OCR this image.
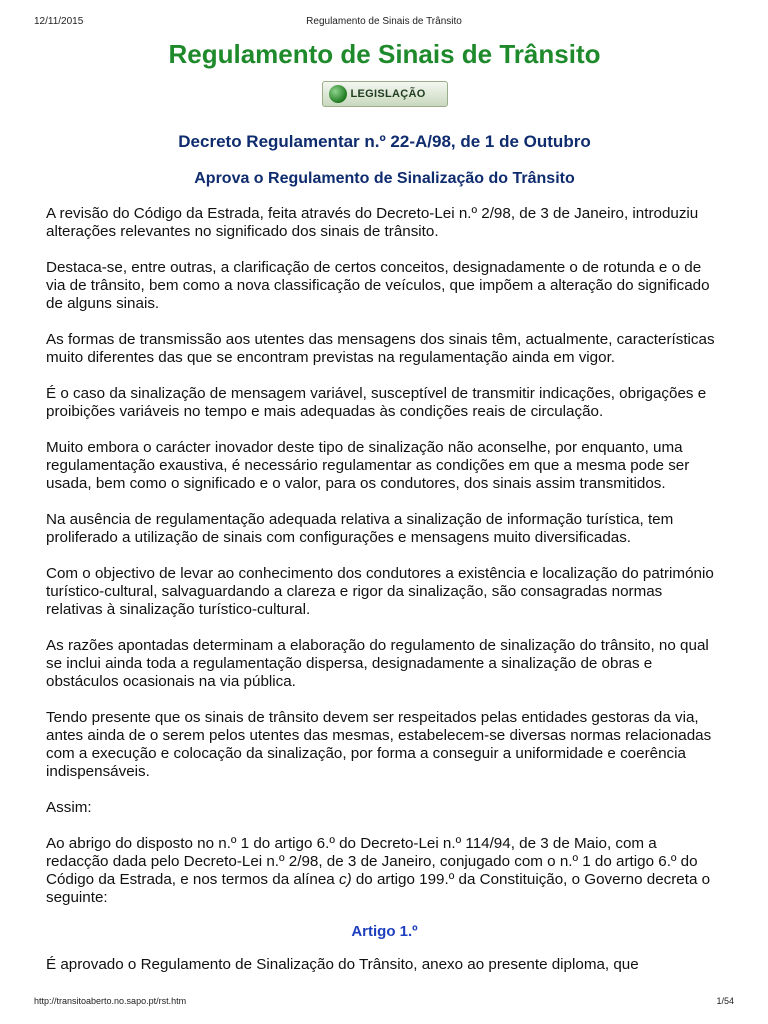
12/11/2015	Regulamento de Sinais de Trânsito
Regulamento de Sinais de Trânsito
LEGISLAÇÃO
Decreto Regulamentar n.º 22-A/98, de 1 de Outubro
Aprova o Regulamento de Sinalização do Trânsito

A revisão do Código da Estrada, feita através do Decreto-Lei n.º 2/98, de 3 de Janeiro, introduziu alterações relevantes no significado dos sinais de trânsito.

Destaca-se, entre outras, a clarificação de certos conceitos, designadamente o de rotunda e o de via de trânsito, bem como a nova classificação de veículos, que impõem a alteração do significado de alguns sinais.

As formas de transmissão aos utentes das mensagens dos sinais têm, actualmente, características muito diferentes das que se encontram previstas na regulamentação ainda em vigor.

É o caso da sinalização de mensagem variável, susceptível de transmitir indicações, obrigações e proibições variáveis no tempo e mais adequadas às condições reais de circulação.

Muito embora o carácter inovador deste tipo de sinalização não aconselhe, por enquanto, uma regulamentação exaustiva, é necessário regulamentar as condições em que a mesma pode ser usada, bem como o significado e o valor, para os condutores, dos sinais assim transmitidos.

Na ausência de regulamentação adequada relativa a sinalização de informação turística, tem proliferado a utilização de sinais com configurações e mensagens muito diversificadas.

Com o objectivo de levar ao conhecimento dos condutores a existência e localização do património turístico-cultural, salvaguardando a clareza e rigor da sinalização, são consagradas normas relativas à sinalização turístico-cultural.

As razões apontadas determinam a elaboração do regulamento de sinalização do trânsito, no qual se inclui ainda toda a regulamentação dispersa, designadamente a sinalização de obras e obstáculos ocasionais na via pública.

Tendo presente que os sinais de trânsito devem ser respeitados pelas entidades gestoras da via, antes ainda de o serem pelos utentes das mesmas, estabelecem-se diversas normas relacionadas com a execução e colocação da sinalização, por forma a conseguir a uniformidade e coerência indispensáveis.

Assim:

Ao abrigo do disposto no n.º 1 do artigo 6.º do Decreto-Lei n.º 114/94, de 3 de Maio, com a redacção dada pelo Decreto-Lei n.º 2/98, de 3 de Janeiro, conjugado com o n.º 1 do artigo 6.º do Código da Estrada, e nos termos da alínea c) do artigo 199.º da Constituição, o Governo decreta o seguinte:

Artigo 1.º

É aprovado o Regulamento de Sinalização do Trânsito, anexo ao presente diploma, que

http://transitoaberto.no.sapo.pt/rst.htm	1/54
